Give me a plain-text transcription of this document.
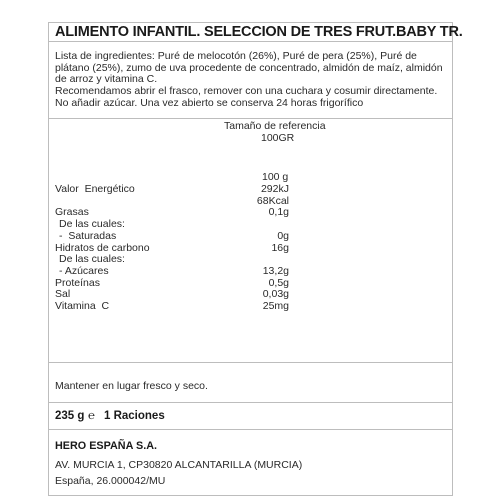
ALIMENTO INFANTIL. SELECCION DE TRES FRUT.BABY TR.
Lista de ingredientes: Puré de melocotón (26%), Puré de pera (25%), Puré de plátano (25%), zumo de uva procedente de concentrado, almidón de maíz, almidón de arroz y vitamina C.
Recomendamos abrir el frasco, remover con una cuchara y cosumir directamente. No añadir azúcar. Una vez abierto se conserva 24 horas frigorífico
Tamaño de referencia
100GR
100 g
Valor  Energético	292kJ
68Kcal
Grasas	0,1g
De las cuales:
-  Saturadas	0g
Hidratos de carbono	16g
De las cuales:
- Azúcares	13,2g
Proteínas	0,5g
Sal	0,03g
Vitamina  C	25mg
Mantener en lugar fresco y seco.
235 g ℮ 1 Raciones
HERO ESPAÑA S.A.
AV. MURCIA 1, CP30820 ALCANTARILLA (MURCIA)
España, 26.000042/MU
